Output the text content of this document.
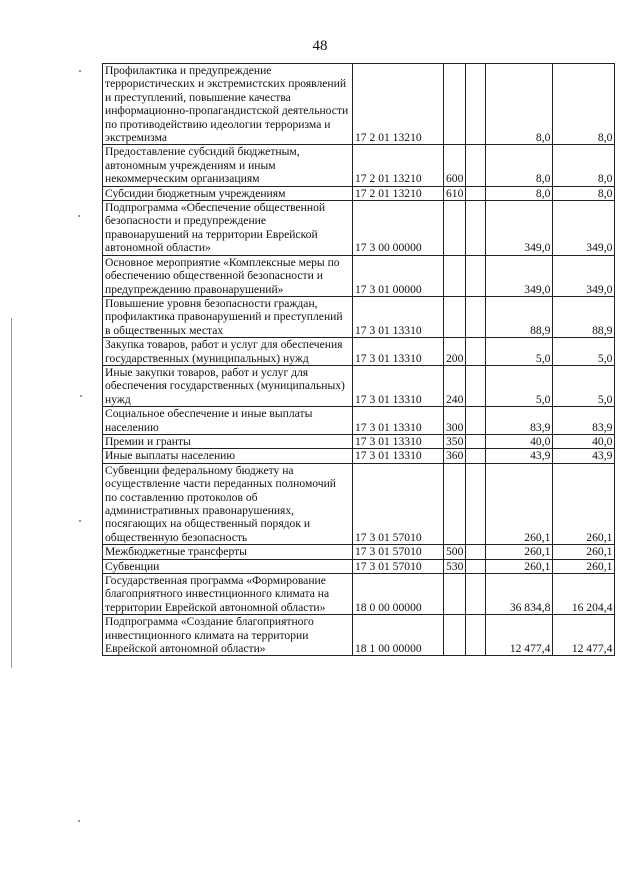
48
Профилактика и предупреждение террористических и экстремистских проявлений и преступлений, повышение качества информационно-пропагандистской деятельности по противодействию идеологии терроризма и экстремизма	17 2 01 13210			8,0	8,0
Предоставление субсидий бюджетным, автономным учреждениям и иным некоммерческим организациям	17 2 01 13210	600		8,0	8,0
Субсидии бюджетным учреждениям	17 2 01 13210	610		8,0	8,0
Подпрограмма «Обеспечение общественной безопасности и предупреждение правонарушений на территории Еврейской автономной области»	17 3 00 00000			349,0	349,0
Основное мероприятие «Комплексные меры по обеспечению общественной безопасности и предупреждению правонарушений»	17 3 01 00000			349,0	349,0
Повышение уровня безопасности граждан, профилактика правонарушений и преступлений в общественных местах	17 3 01 13310			88,9	88,9
Закупка товаров, работ и услуг для обеспечения государственных (муниципальных) нужд	17 3 01 13310	200		5,0	5,0
Иные закупки товаров, работ и услуг для обеспечения государственных (муниципальных) нужд	17 3 01 13310	240		5,0	5,0
Социальное обеспечение и иные выплаты населению	17 3 01 13310	300		83,9	83,9
Премии и гранты	17 3 01 13310	350		40,0	40,0
Иные выплаты населению	17 3 01 13310	360		43,9	43,9
Субвенции федеральному бюджету на осуществление части переданных полномочий по составлению протоколов об административных правонарушениях, посягающих на общественный порядок и общественную безопасность	17 3 01 57010			260,1	260,1
Межбюджетные трансферты	17 3 01 57010	500		260,1	260,1
Субвенции	17 3 01 57010	530		260,1	260,1
Государственная программа «Формирование благоприятного инвестиционного климата на территории Еврейской автономной области»	18 0 00 00000			36 834,8	16 204,4
Подпрограмма «Создание благоприятного инвестиционного климата на территории Еврейской автономной области»	18 1 00 00000			12 477,4	12 477,4
